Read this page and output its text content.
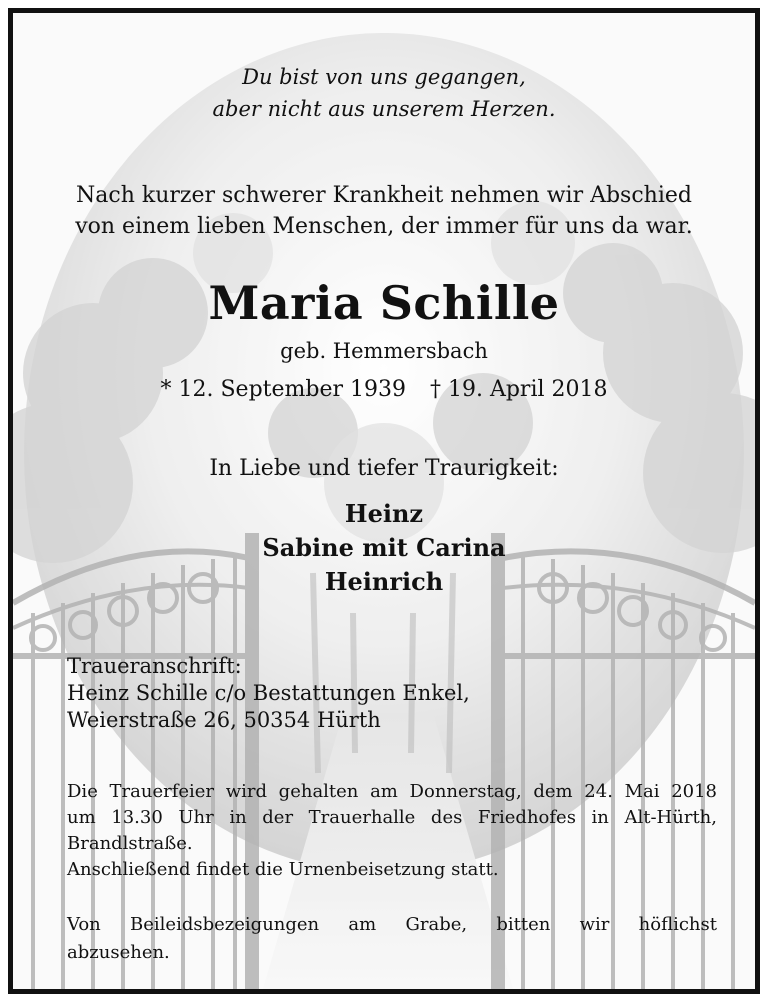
Du bist von uns gegangen,
aber nicht aus unserem Herzen.
Nach kurzer schwerer Krankheit nehmen wir Abschied
von einem lieben Menschen, der immer für uns da war.
Maria Schille
geb. Hemmersbach
* 12. September 1939 † 19. April 2018
In Liebe und tiefer Traurigkeit:
Heinz
Sabine mit Carina
Heinrich
Traueranschrift:
Heinz Schille c/o Bestattungen Enkel,
Weierstraße 26, 50354 Hürth
Die Trauerfeier wird gehalten am Donnerstag, dem 24. Mai 2018
um 13.30 Uhr in der Trauerhalle des Friedhofes in Alt-Hürth,
Brandlstraße.
Anschließend findet die Urnenbeisetzung statt.
Von Beileidsbezeigungen am Grabe, bitten wir höflichst
abzusehen.
